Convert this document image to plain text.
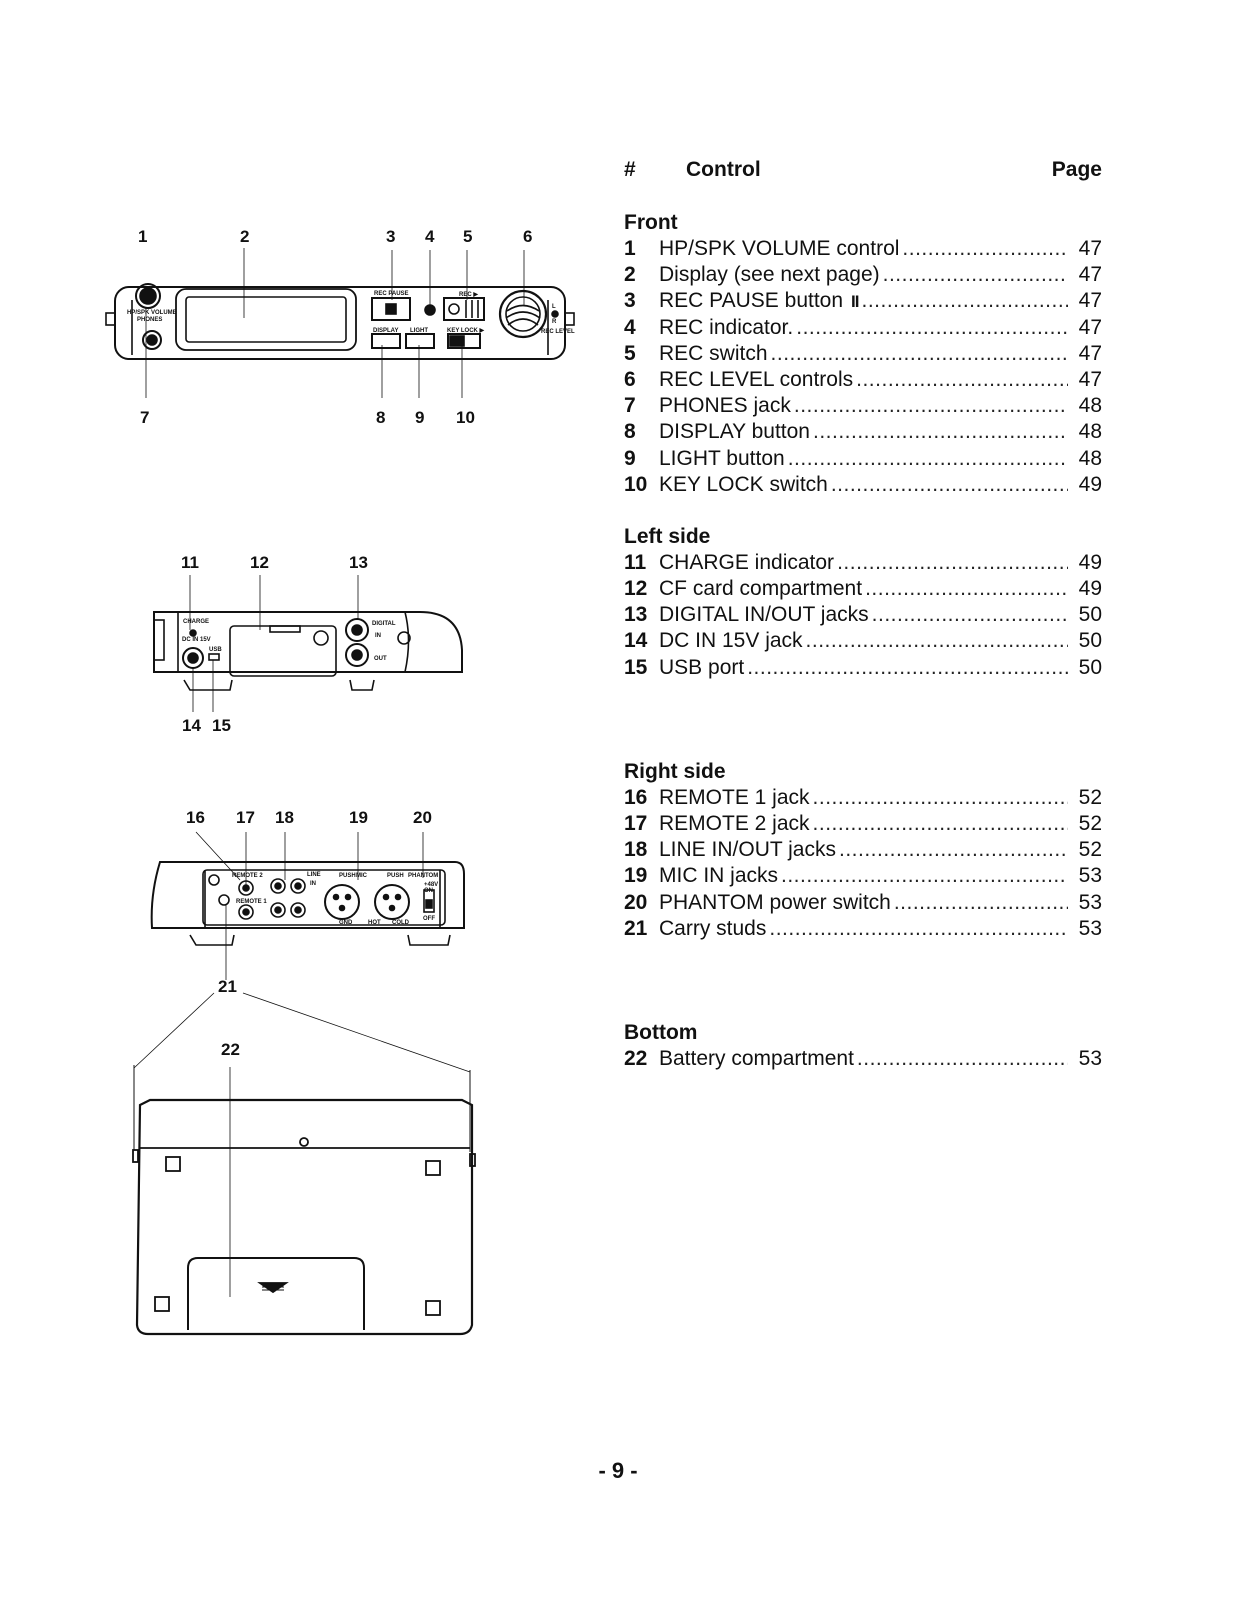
HP/SPK VOLUME
PHONES
REC PAUSE	REC ▶
DISPLAY LIGHT	KEY LOCK ▶
L
R
REC LEVEL
1	2	3 4 5	6
7	8 9 10
CHARGE
DC IN 15V
USB
DIGITAL
IN
OUT
11	12	13
14 15
REMOTE 2
REMOTE 1
LINE
IN
MIC
PUSH	PUSH PHANTOM
+48V
ON
OFF
GND	HOT COLD
16 17 18	19	20
21
22
# Control	Page
Front
1	HP/SPK VOLUME control .....	47
2	Display (see next page) .....	47
3	REC PAUSE button II .....	47
4	REC indicator. .....	47
5	REC switch .....	47
6	REC LEVEL controls .....	47
7	PHONES jack .....	48
8	DISPLAY button .....	48
9	LIGHT button .....	48
10 KEY LOCK switch .....	49
Left side
11 CHARGE indicator .....	49
12 CF card compartment .....	49
13 DIGITAL IN/OUT jacks .....	50
14 DC IN 15V jack .....	50
15 USB port .....	50
Right side
16 REMOTE 1 jack .....	52
17 REMOTE 2 jack .....	52
18 LINE IN/OUT jacks .....	52
19 MIC IN jacks .....	53
20 PHANTOM power switch .....	53
21 Carry studs .....	53
Bottom
22 Battery compartment .....	53
- 9 -
